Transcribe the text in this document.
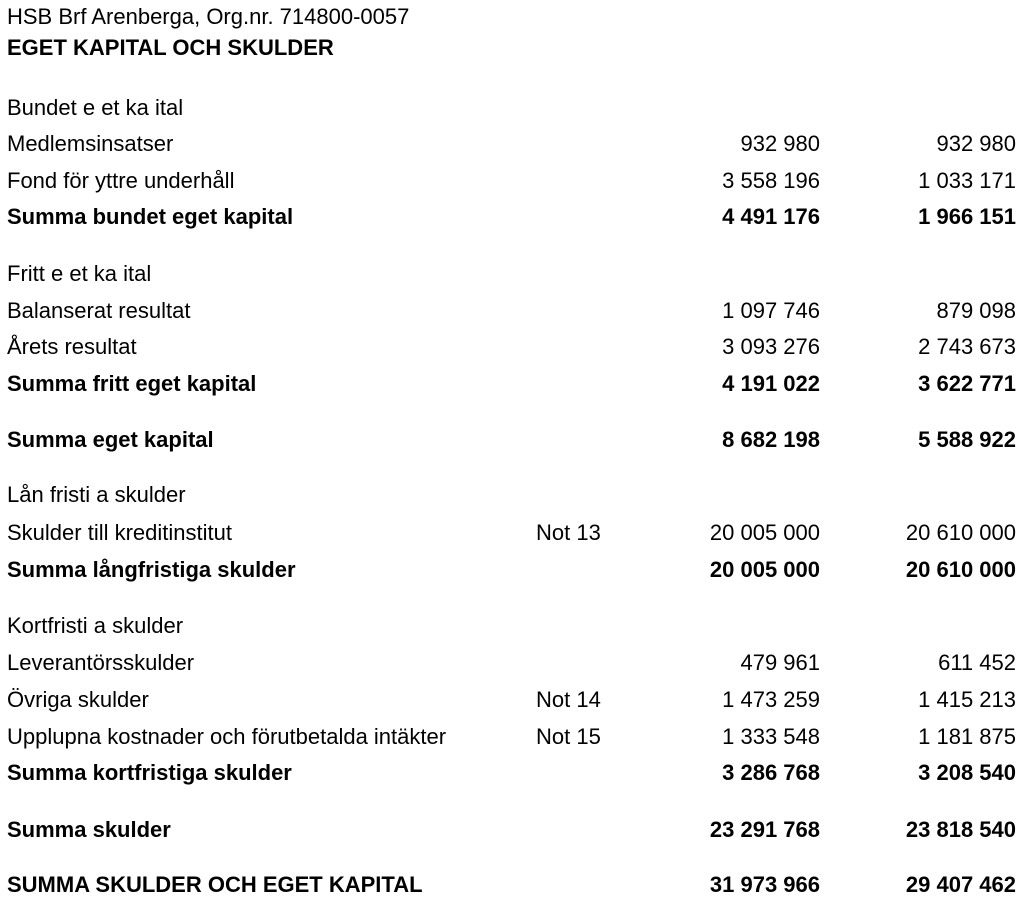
HSB Brf Arenberga, Org.nr. 714800-0057
EGET KAPITAL OCH SKULDER
Bundet e et ka ital
Medlemsinsatser	932 980	932 980
Fond för yttre underhåll	3 558 196	1 033 171
Summa bundet eget kapital	4 491 176	1 966 151
Fritt e et ka ital
Balanserat resultat	1 097 746	879 098
Årets resultat	3 093 276	2 743 673
Summa fritt eget kapital	4 191 022	3 622 771
Summa eget kapital	8 682 198	5 588 922
Lån fristi a skulder
Skulder till kreditinstitut	Not 13	20 005 000	20 610 000
Summa långfristiga skulder	20 005 000	20 610 000
Kortfristi a skulder
Leverantörsskulder	479 961	611 452
Övriga skulder	Not 14	1 473 259	1 415 213
Upplupna kostnader och förutbetalda intäkter	Not 15	1 333 548	1 181 875
Summa kortfristiga skulder	3 286 768	3 208 540
Summa skulder	23 291 768	23 818 540
SUMMA SKULDER OCH EGET KAPITAL	31 973 966	29 407 462
